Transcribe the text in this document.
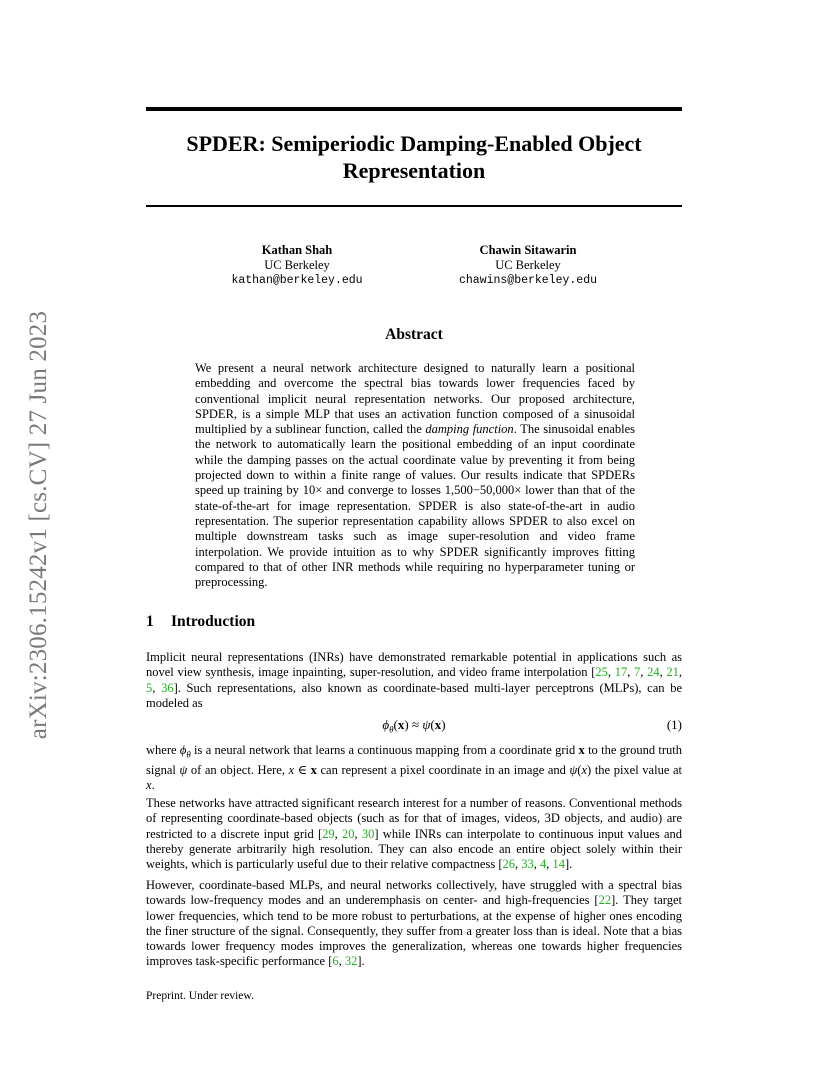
arXiv:2306.15242v1 [cs.CV] 27 Jun 2023
SPDER: Semiperiodic Damping-Enabled Object
Representation
Kathan Shah
UC Berkeley
kathan@berkeley.edu
Chawin Sitawarin
UC Berkeley
chawins@berkeley.edu
Abstract

We present a neural network architecture designed to naturally learn a positional embedding and overcome the spectral bias towards lower frequencies faced by conventional implicit neural representation networks. Our proposed architecture, SPDER, is a simple MLP that uses an activation function composed of a sinusoidal multiplied by a sublinear function, called the damping function. The sinusoidal enables the network to automatically learn the positional embedding of an input coordinate while the damping passes on the actual coordinate value by preventing it from being projected down to within a finite range of values. Our results indicate that SPDERs speed up training by 10× and converge to losses 1,500−50,000× lower than that of the state-of-the-art for image representation. SPDER is also state-of-the-art in audio representation. The superior representation capability allows SPDER to also excel on multiple downstream tasks such as image super-resolution and video frame interpolation. We provide intuition as to why SPDER significantly improves fitting compared to that of other INR methods while requiring no hyperparameter tuning or preprocessing.

1 Introduction

Implicit neural representations (INRs) have demonstrated remarkable potential in applications such as novel view synthesis, image inpainting, super-resolution, and video frame interpolation [25, 17, 7, 24, 21, 5, 36]. Such representations, also known as coordinate-based multi-layer perceptrons (MLPs), can be modeled as

$\phi_\theta(x) \approx \psi(x)$	(1)

where $\phi_\theta$ is a neural network that learns a continuous mapping from a coordinate grid x to the ground truth signal ψ of an object. Here, x ∈ x can represent a pixel coordinate in an image and ψ(x) the pixel value at x.

These networks have attracted significant research interest for a number of reasons. Conventional methods of representing coordinate-based objects (such as for that of images, videos, 3D objects, and audio) are restricted to a discrete input grid [29, 20, 30] while INRs can interpolate to continuous input values and thereby generate arbitrarily high resolution. They can also encode an entire object solely within their weights, which is particularly useful due to their relative compactness [26, 33, 4, 14].

However, coordinate-based MLPs, and neural networks collectively, have struggled with a spectral bias towards low-frequency modes and an underemphasis on center- and high-frequencies [22]. They target lower frequencies, which tend to be more robust to perturbations, at the expense of higher ones encoding the finer structure of the signal. Consequently, they suffer from a greater loss than is ideal. Note that a bias towards lower frequency modes improves the generalization, whereas one towards higher frequencies improves task-specific performance [6, 32].

Preprint. Under review.
